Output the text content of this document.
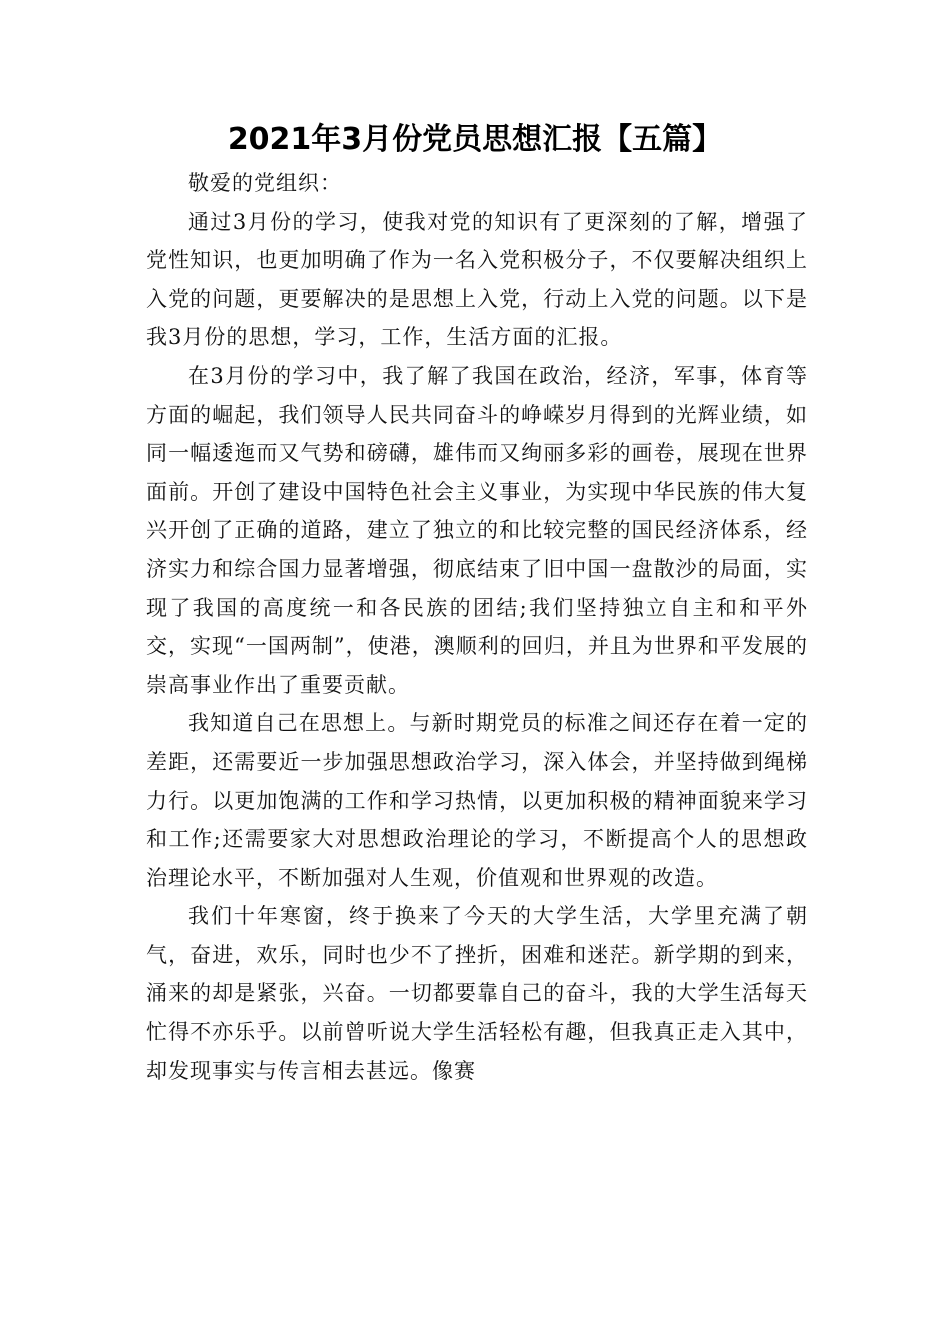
2021年3月份党员思想汇报【五篇】

敬爱的党组织：

通过3月份的学习，使我对党的知识有了更深刻的了解，增强了党性知识，也更加明确了作为一名入党积极分子，不仅要解决组织上入党的问题，更要解决的是思想上入党，行动上入党的问题。以下是我3月份的思想，学习，工作，生活方面的汇报。

在3月份的学习中，我了解了我国在政治，经济，军事，体育等方面的崛起，我们领导人民共同奋斗的峥嵘岁月得到的光辉业绩，如同一幅逶迤而又气势和磅礴，雄伟而又绚丽多彩的画卷，展现在世界面前。开创了建设中国特色社会主义事业，为实现中华民族的伟大复兴开创了正确的道路，建立了独立的和比较完整的国民经济体系，经济实力和综合国力显著增强，彻底结束了旧中国一盘散沙的局面，实现了我国的高度统一和各民族的团结;我们坚持独立自主和和平外交，实现“一国两制”，使港，澳顺利的回归，并且为世界和平发展的崇高事业作出了重要贡献。

我知道自己在思想上。与新时期党员的标准之间还存在着一定的差距，还需要近一步加强思想政治学习，深入体会，并坚持做到绳梯力行。以更加饱满的工作和学习热情，以更加积极的精神面貌来学习和工作;还需要家大对思想政治理论的学习，不断提高个人的思想政治理论水平，不断加强对人生观，价值观和世界观的改造。

我们十年寒窗，终于换来了今天的大学生活，大学里充满了朝气，奋进，欢乐，同时也少不了挫折，困难和迷茫。新学期的到来，涌来的却是紧张，兴奋。一切都要靠自己的奋斗，我的大学生活每天忙得不亦乐乎。以前曾听说大学生活轻松有趣，但我真正走入其中，却发现事实与传言相去甚远。像赛
